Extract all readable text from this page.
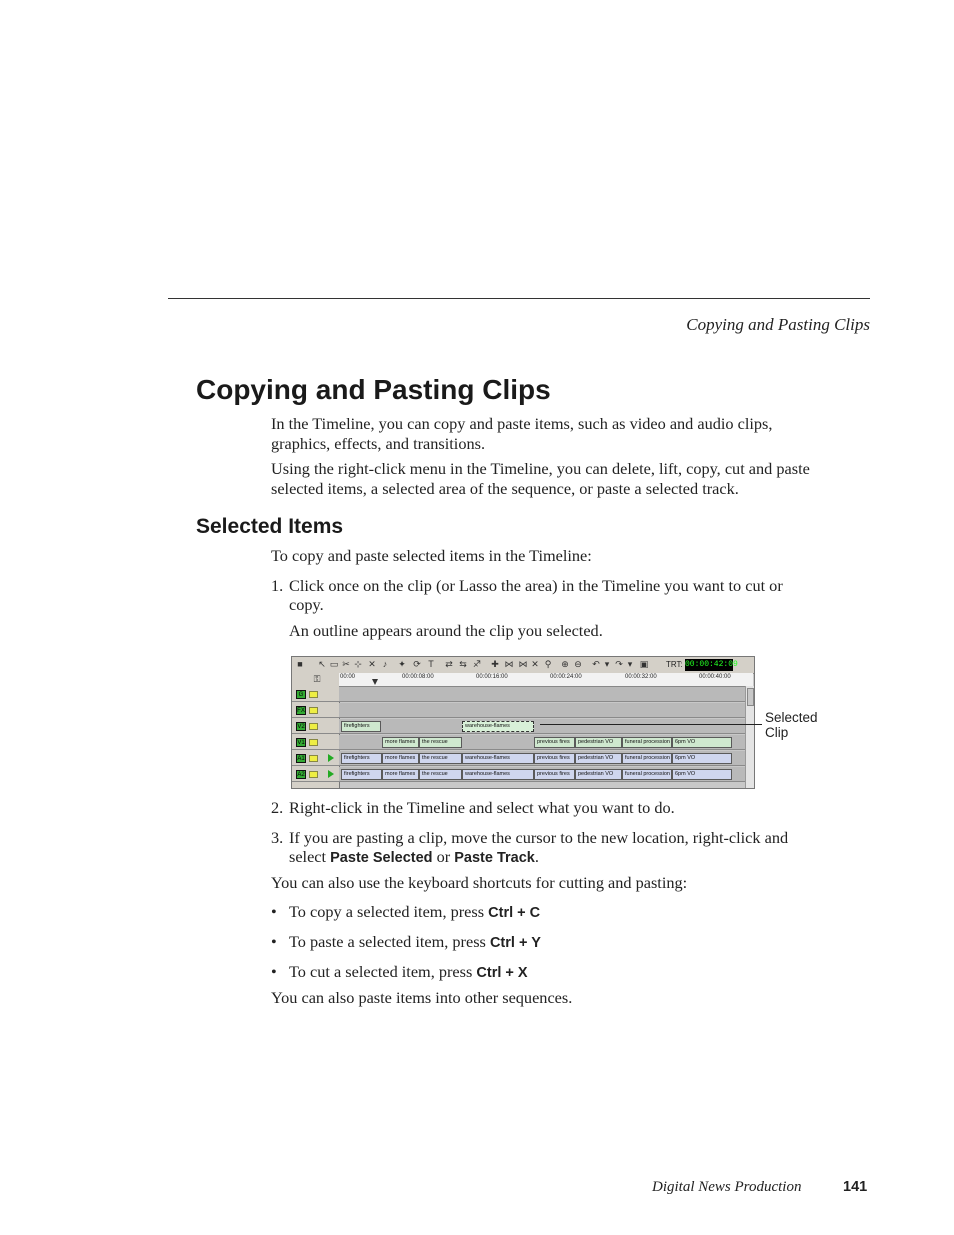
Copying and Pasting Clips
Copying and Pasting Clips

In the Timeline, you can copy and paste items, such as video and audio clips, graphics, effects, and transitions.

Using the right-click menu in the Timeline, you can delete, lift, copy, cut and paste selected items, a selected area of the sequence, or paste a selected track.

Selected Items

To copy and paste selected items in the Timeline:

1. Click once on the clip (or Lasso the area) in the Timeline you want to cut or copy.

An outline appears around the clip you selected.

■ ↖ ▭ ✂ ⊹ ✕ ♪	✦ ⟳ T ⇄ ⇆ ♐ ✚ ⋈ ⋈ ✕ ⚲ ⊕ ⊖ ↶ ▾ ↷ ▾ ▣ TRT: 00:00:42:09
⚿	00:00	00:00:08:00	00:00:16:00	00:00:24:00	00:00:32:00	00:00:40:00
G
FX
V2
V1
A1
A2
firefighters	warehouse-flames
more flames	the rescue	previous fires	pedestrian VO	funeral procession 6pm VO
firefighters	more flames	the rescue	warehouse-flames	previous fires	pedestrian VO	funeral procession 6pm VO
firefighters	more flames	the rescue	warehouse-flames	previous fires	pedestrian VO	funeral procession 6pm VO
Selected Clip
2. Right-click in the Timeline and select what you want to do.
3. If you are pasting a clip, move the cursor to the new location, right-click and select Paste Selected or Paste Track.

You can also use the keyboard shortcuts for cutting and pasting:

• To copy a selected item, press Ctrl + C
• To paste a selected item, press Ctrl + Y
• To cut a selected item, press Ctrl + X

You can also paste items into other sequences.

Digital News Production	141
